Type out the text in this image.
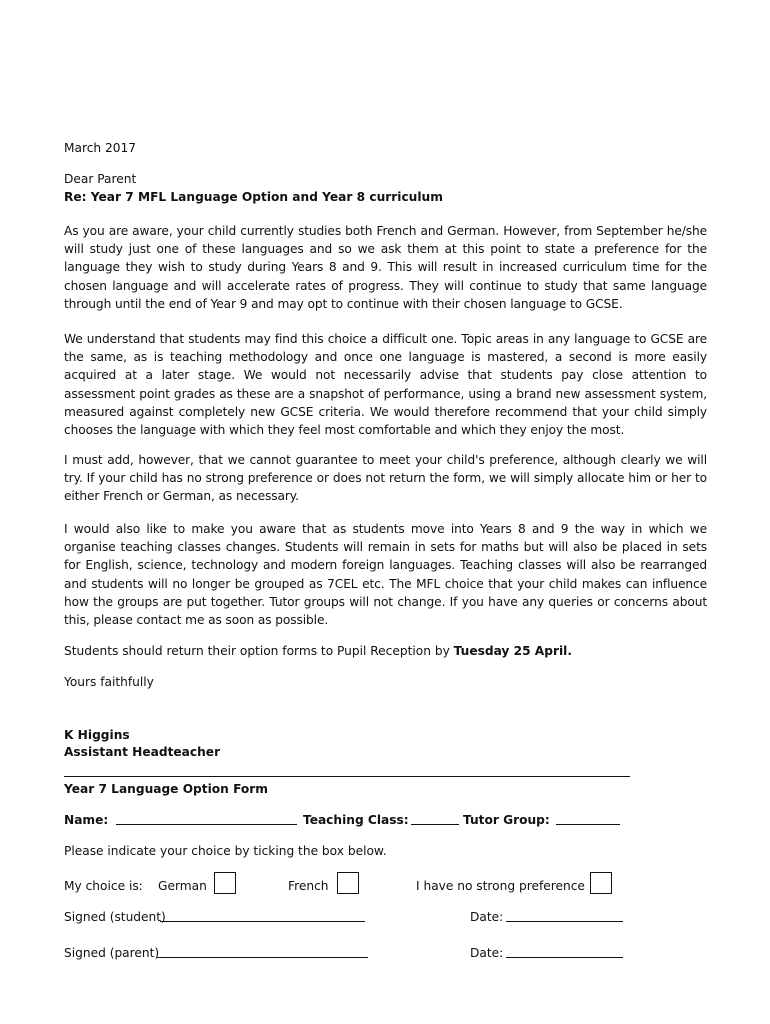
March 2017

Dear Parent

Re: Year 7 MFL Language Option and Year 8 curriculum

As you are aware, your child currently studies both French and German. However, from September he/she will study just one of these languages and so we ask them at this point to state a preference for the language they wish to study during Years 8 and 9. This will result in increased curriculum time for the chosen language and will accelerate rates of progress. They will continue to study that same language through until the end of Year 9 and may opt to continue with their chosen language to GCSE.

We understand that students may find this choice a difficult one. Topic areas in any language to GCSE are the same, as is teaching methodology and once one language is mastered, a second is more easily acquired at a later stage. We would not necessarily advise that students pay close attention to assessment point grades as these are a snapshot of performance, using a brand new assessment system, measured against completely new GCSE criteria. We would therefore recommend that your child simply chooses the language with which they feel most comfortable and which they enjoy the most.

I must add, however, that we cannot guarantee to meet your child's preference, although clearly we will try. If your child has no strong preference or does not return the form, we will simply allocate him or her to either French or German, as necessary.

I would also like to make you aware that as students move into Years 8 and 9 the way in which we organise teaching classes changes. Students will remain in sets for maths but will also be placed in sets for English, science, technology and modern foreign languages. Teaching classes will also be rearranged and students will no longer be grouped as 7CEL etc. The MFL choice that your child makes can influence how the groups are put together. Tutor groups will not change. If you have any queries or concerns about this, please contact me as soon as possible.

Students should return their option forms to Pupil Reception by Tuesday 25 April.

Yours faithfully

K Higgins

Assistant Headteacher

Year 7 Language Option Form

Name:	Teaching Class:	Tutor Group:

Please indicate your choice by ticking the box below.

My choice is: German	French	I have no strong preference
Signed (student)	Date:
Signed (parent)	Date:
